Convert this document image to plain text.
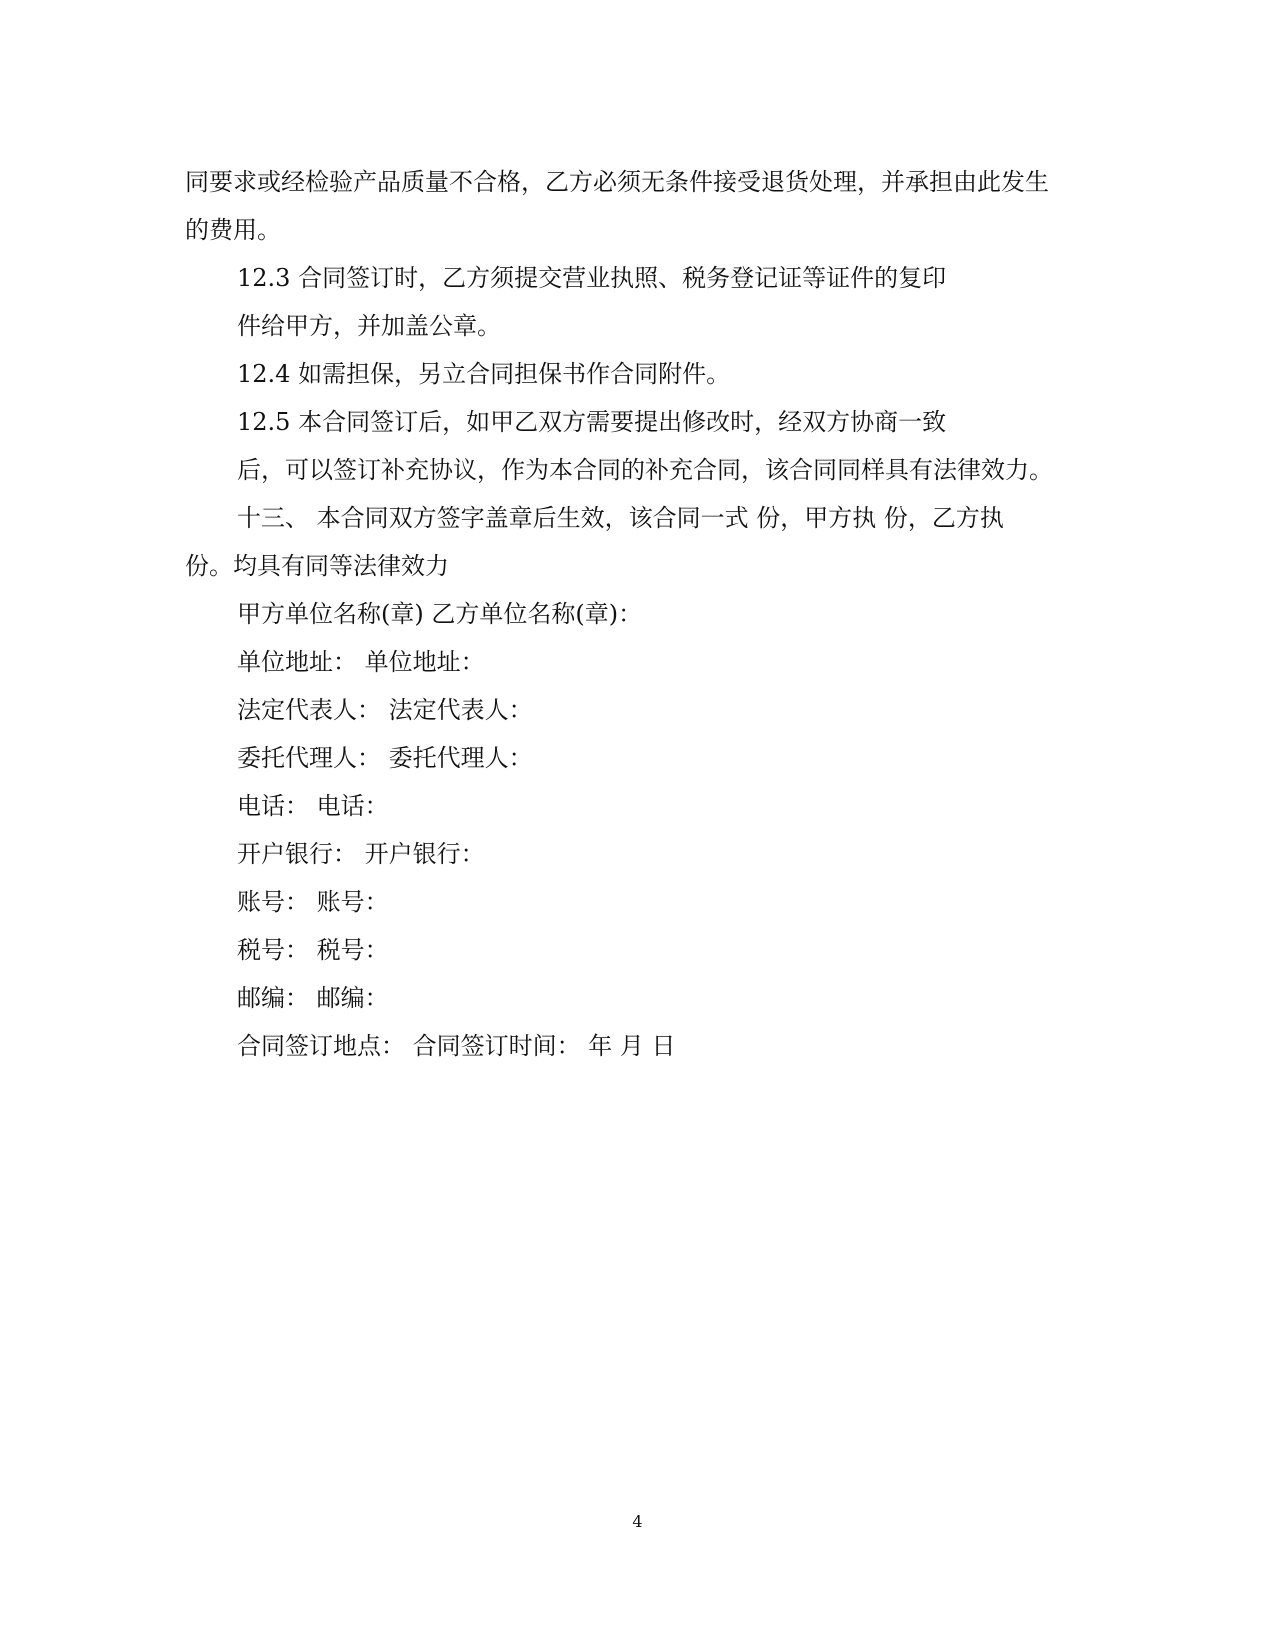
同要求或经检验产品质量不合格，乙方必须无条件接受退货处理，并承担由此发生
的费用。
12.3 合同签订时，乙方须提交营业执照、税务登记证等证件的复印
件给甲方，并加盖公章。
12.4 如需担保，另立合同担保书作合同附件。
12.5 本合同签订后，如甲乙双方需要提出修改时，经双方协商一致
后，可以签订补充协议，作为本合同的补充合同，该合同同样具有法律效力。
十三、 本合同双方签字盖章后生效，该合同一式 份，甲方执 份，乙方执
份。均具有同等法律效力
甲方单位名称(章) 乙方单位名称(章)：
单位地址： 单位地址：
法定代表人： 法定代表人：
委托代理人： 委托代理人：
电话： 电话：
开户银行： 开户银行：
账号： 账号：
税号： 税号：
邮编： 邮编：
合同签订地点： 合同签订时间： 年 月 日
4
